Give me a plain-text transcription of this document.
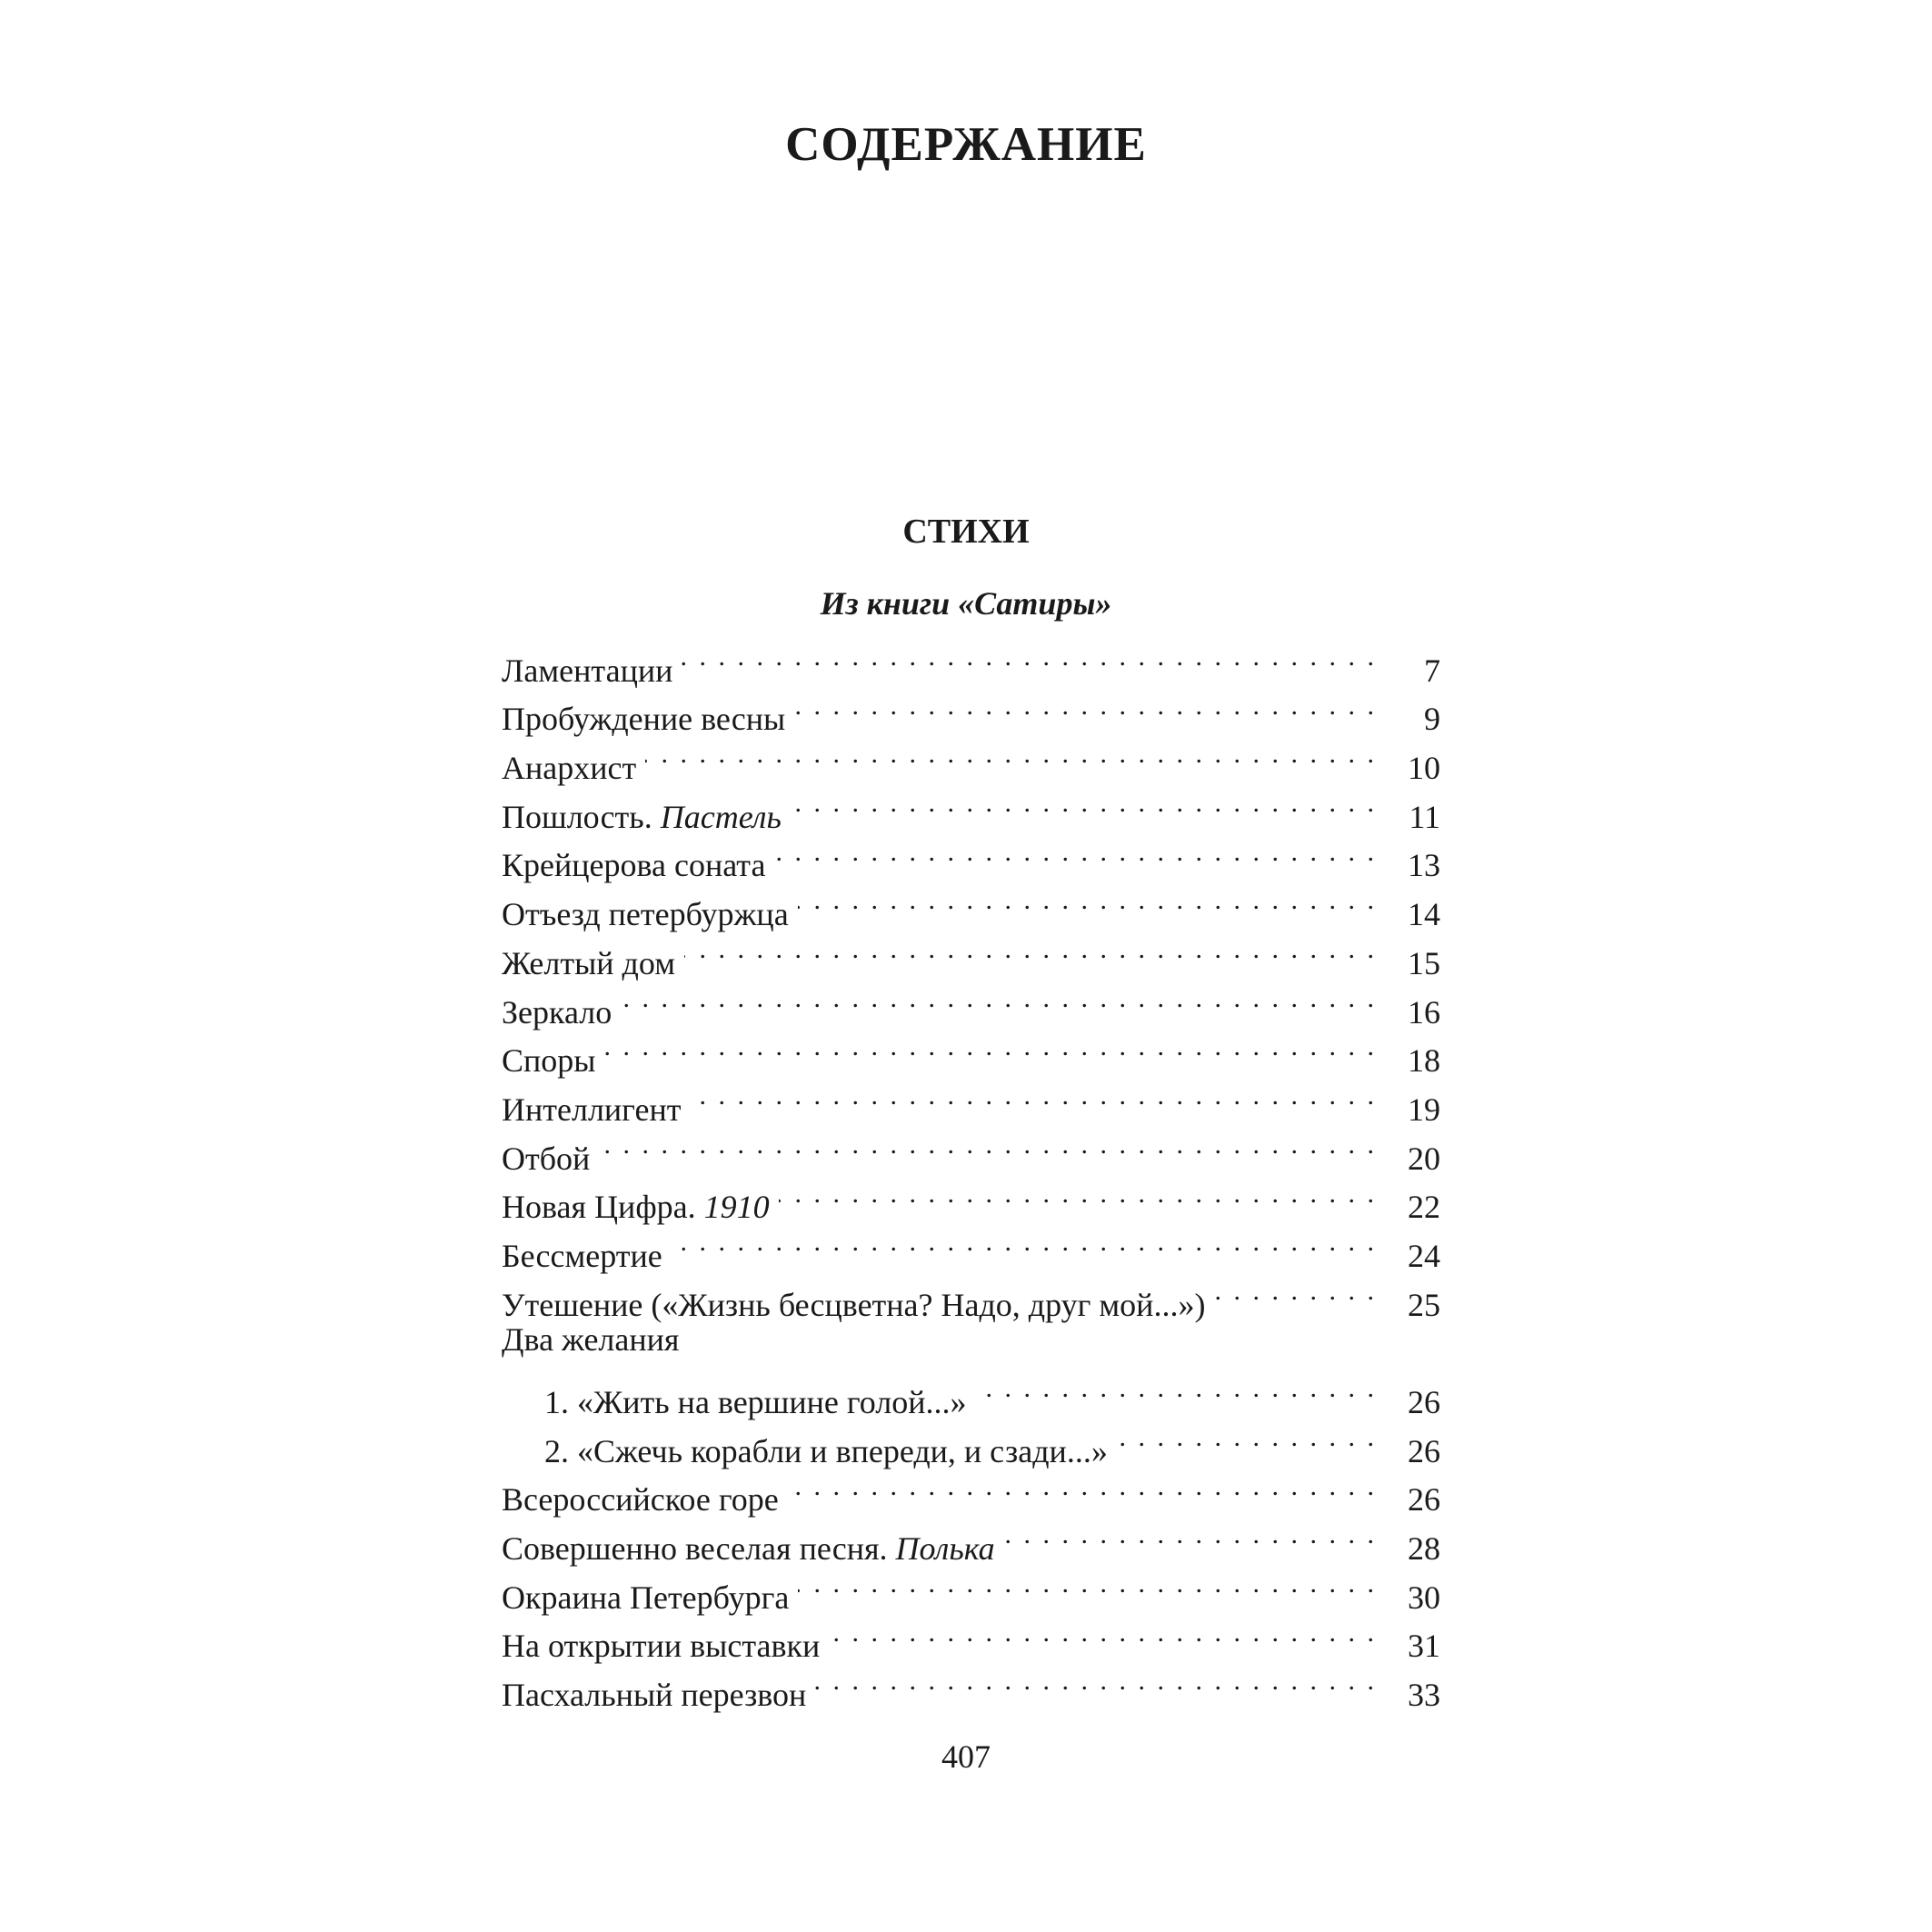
СОДЕРЖАНИЕ
СТИХИ
Из книги «Сатиры»
Ламентации . . .	7
Пробуждение весны . . .	9
Анархист . . .	10
Пошлость. Пастель . . .	11
Крейцерова соната . . .	13
Отъезд петербуржца . . .	14
Желтый дом . . .	15
Зеркало . . .	16
Споры . . .	18
Интеллигент . . .	19
Отбой . . .	20
Новая Цифра. 1910 . . .	22
Бессмертие . . .	24
Утешение («Жизнь бесцветна? Надо, друг мой...») . . .	25
Два желания
1. «Жить на вершине голой...» . . .	26
2. «Сжечь корабли и впереди, и сзади...» . . .	26
Всероссийское горе . . .	26
Совершенно веселая песня. Полька . . .	28
Окраина Петербурга . . .	30
На открытии выставки . . .	31
Пасхальный перезвон . . .	33
407
